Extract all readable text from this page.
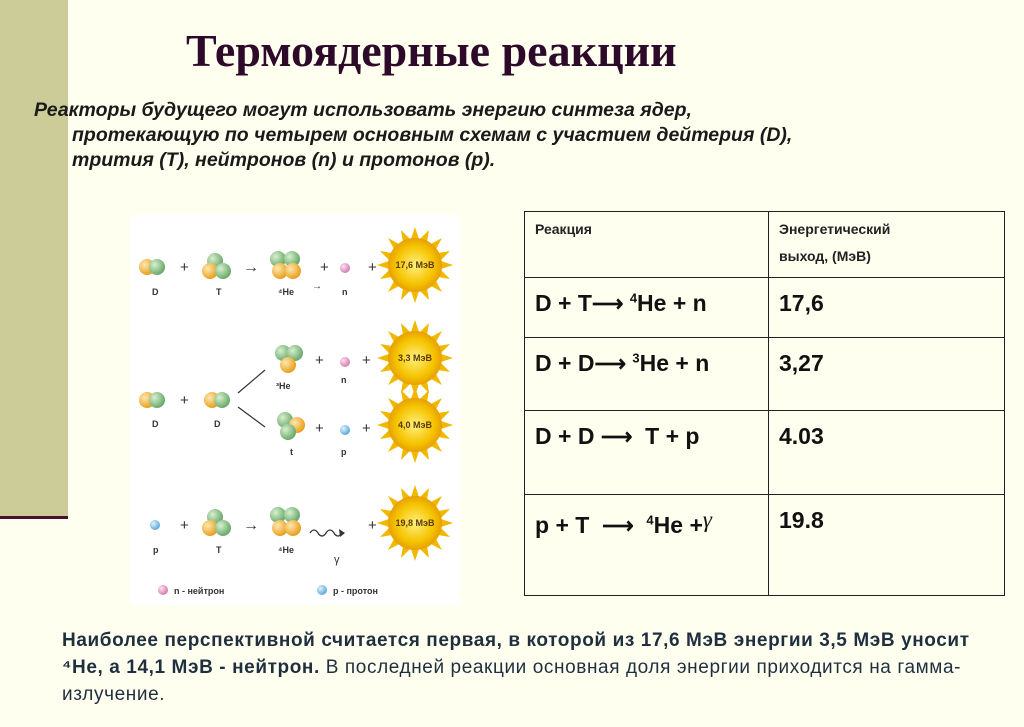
Термоядерные реакции
Реакторы будущего могут использовать энергию синтеза ядер,
протекающую по четырем основным схемам с участием дейтерия (D),
трития (T), нейтронов (n) и протонов (p).
+	→	+	+ 17,6 МэВ
D	T	⁴He → n
+
+	+	3,3 МэВ
³He
n
D	D	+	+	4,0 МэВ
t	p
+	→	+ 19,8 МэВ
p	T	⁴He
γ
n - нейтрон	p - протон
Реакция	Энергетический
выход, (МэВ)
D + T⟶ $^4$He + n	17,6
D + D⟶ $^3$He + n	3,27
D + D ⟶ T + p	4.03
p + T ⟶ $^4$He +γ	19.8
Наиболее перспективной считается первая, в которой из 17,6 МэВ энергии 3,5 МэВ уносит ⁴He, а 14,1 МэВ - нейтрон. В последней реакции основная доля энергии приходится на гамма-излучение.
